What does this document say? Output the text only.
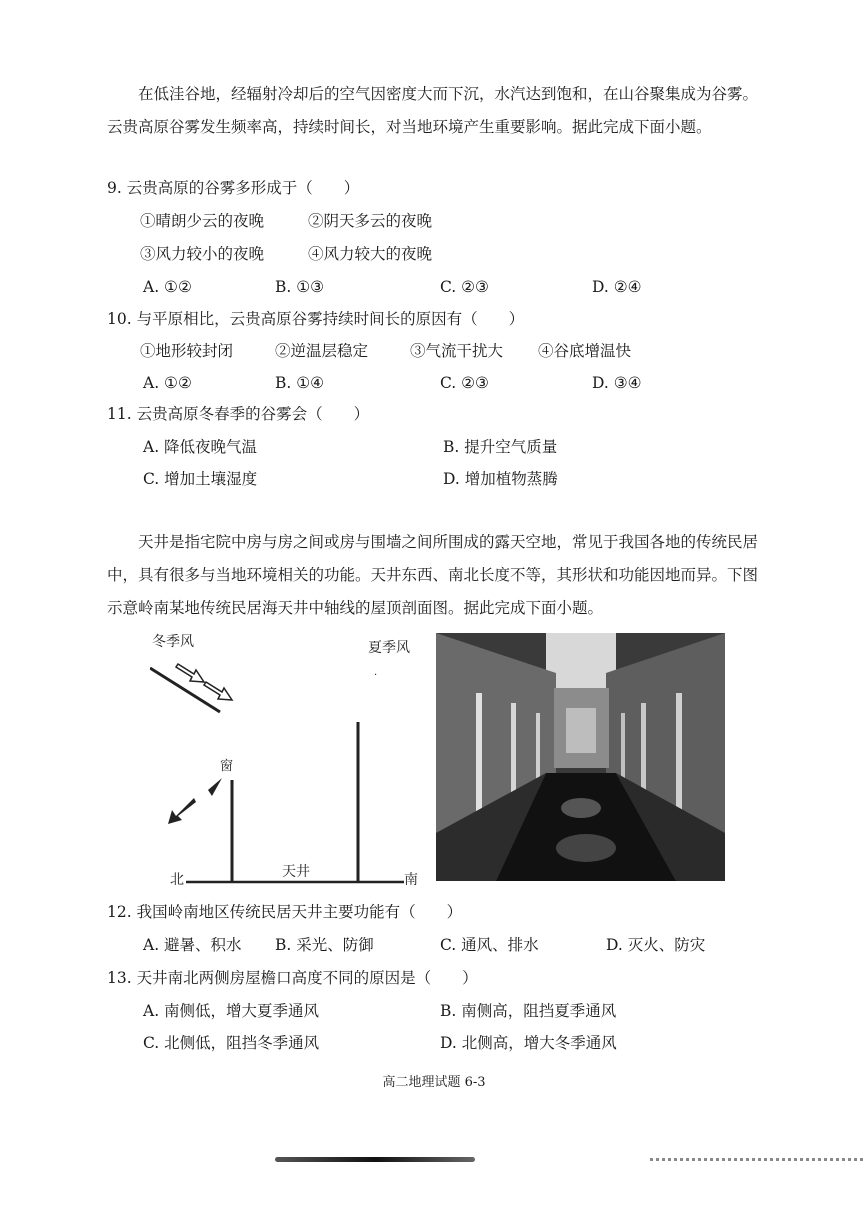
在低洼谷地，经辐射冷却后的空气因密度大而下沉，水汽达到饱和，在山谷聚集成为谷雾。云贵高原谷雾发生频率高，持续时间长，对当地环境产生重要影响。据此完成下面小题。
9. 云贵高原的谷雾多形成于（　　）
①晴朗少云的夜晚	②阴天多云的夜晚
③风力较小的夜晚	④风力较大的夜晚
A. ①②	B. ①③	C. ②③	D. ②④
10. 与平原相比，云贵高原谷雾持续时间长的原因有（　　）
①地形较封闭	②逆温层稳定	③气流干扰大 ④谷底增温快
A. ①②	B. ①④	C. ②③	D. ③④
11. 云贵高原冬春季的谷雾会（　　）
A. 降低夜晚气温	B. 提升空气质量
C. 增加土壤湿度	D. 增加植物蒸腾
天井是指宅院中房与房之间或房与围墙之间所围成的露天空地，常见于我国各地的传统民居中，具有很多与当地环境相关的功能。天井东西、南北长度不等，其形状和功能因地而异。下图示意岭南某地传统民居海天井中轴线的屋顶剖面图。据此完成下面小题。
冬季风	夏季风
·
窗
天井
北	南
12. 我国岭南地区传统民居天井主要功能有（　　）
A. 避暑、积水 B. 采光、防御	C. 通风、排水	D. 灭火、防灾
13. 天井南北两侧房屋檐口高度不同的原因是（　　）
A. 南侧低，增大夏季通风	B. 南侧高，阻挡夏季通风
C. 北侧低，阻挡冬季通风	D. 北侧高，增大冬季通风
高二地理试题 6-3
